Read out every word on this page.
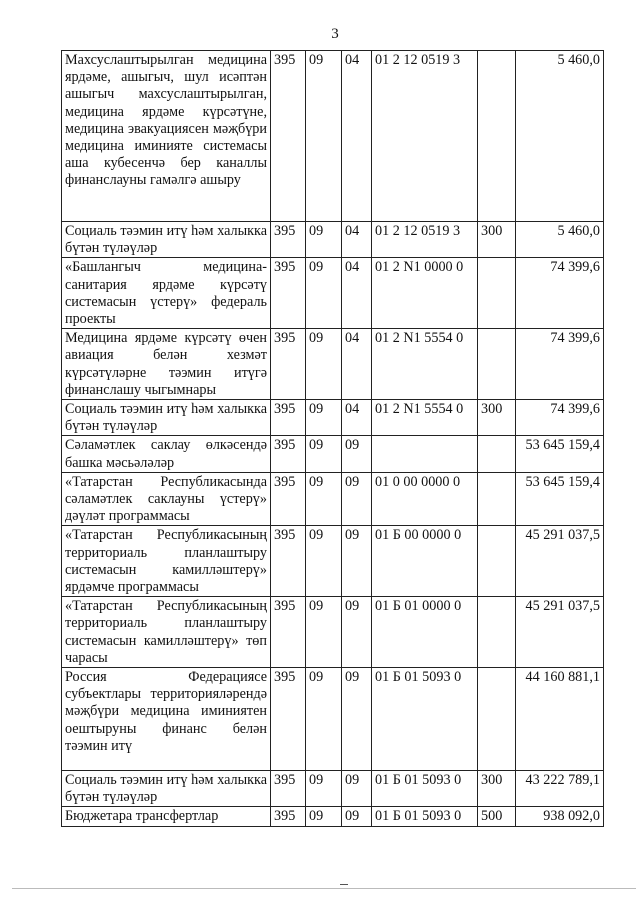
3
Махсуслаштырылган медицина ярдәме, ашыгыч, шул исәптән ашыгыч махсуслаштырылган, медицина ярдәме күрсәтүне, медицина эвакуациясен мәҗбүри медицина иминияте системасы аша кубесенчә бер каналлы финанслауны гамәлгә ашыру	395	09	04	01 2 12 0519 3		5 460,0
Социаль тәэмин итү һәм халыкка бүтән түләүләр	395	09	04	01 2 12 0519 3	300	5 460,0
«Башлангыч медицина-санитария ярдәме күрсәтү системасын үстерү» федераль проекты	395	09	04	01 2 N1 0000 0		74 399,6
Медицина ярдәме күрсәтү өчен авиация белән хезмәт күрсәтүләрне тәэмин итүгә финанслашу чыгымнары	395	09	04	01 2 N1 5554 0		74 399,6
Социаль тәэмин итү һәм халыкка бүтән түләүләр	395	09	04	01 2 N1 5554 0	300	74 399,6
Сәламәтлек саклау өлкәсендә башка мәсьәләләр	395	09	09			53 645 159,4
«Татарстан Республикасында сәламәтлек саклауны үстерү» дәүләт программасы	395	09	09	01 0 00 0000 0		53 645 159,4
«Татарстан Республикасының территориаль планлаштыру системасын камилләштерү» ярдәмче программасы	395	09	09	01 Б 00 0000 0		45 291 037,5
«Татарстан Республикасының территориаль планлаштыру системасын камилләштерү» төп чарасы	395	09	09	01 Б 01 0000 0		45 291 037,5
Россия Федерациясе субъектлары территорияләрендә мәҗбүри медицина иминиятен оештыруны финанс белән тәэмин итү	395	09	09	01 Б 01 5093 0		44 160 881,1
Социаль тәэмин итү һәм халыкка бүтән түләүләр	395	09	09	01 Б 01 5093 0	300	43 222 789,1
Бюджетара трансфертлар	395	09	09	01 Б 01 5093 0	500	938 092,0
